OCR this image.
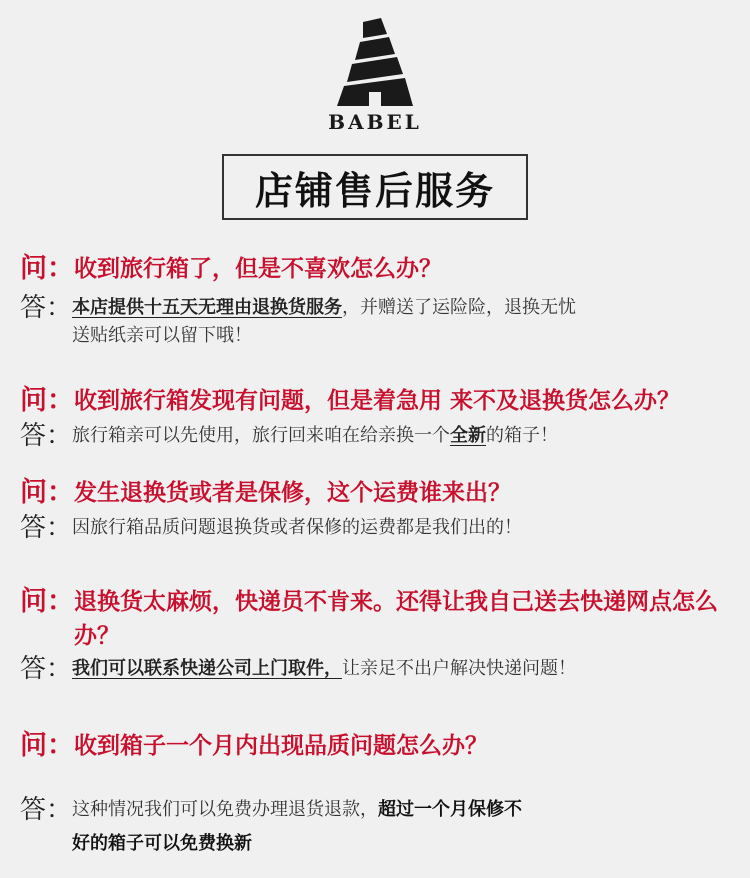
BABEL
店铺售后服务
问： 收到旅行箱了，但是不喜欢怎么办？
答： 本店提供十五天无理由退换货服务，并赠送了运险险，退换无忧
送贴纸亲可以留下哦！
问： 收到旅行箱发现有问题，但是着急用 来不及退换货怎么办？
答： 旅行箱亲可以先使用，旅行回来咱在给亲换一个全新的箱子！
问： 发生退换货或者是保修，这个运费谁来出？
答： 因旅行箱品质问题退换货或者保修的运费都是我们出的！
问： 退换货太麻烦，快递员不肯来。还得让我自己送去快递网点怎么办？
答： 我们可以联系快递公司上门取件，让亲足不出户解决快递问题！
问： 收到箱子一个月内出现品质问题怎么办？
答： 这种情况我们可以免费办理退货退款，超过一个月保修不
好的箱子可以免费换新
